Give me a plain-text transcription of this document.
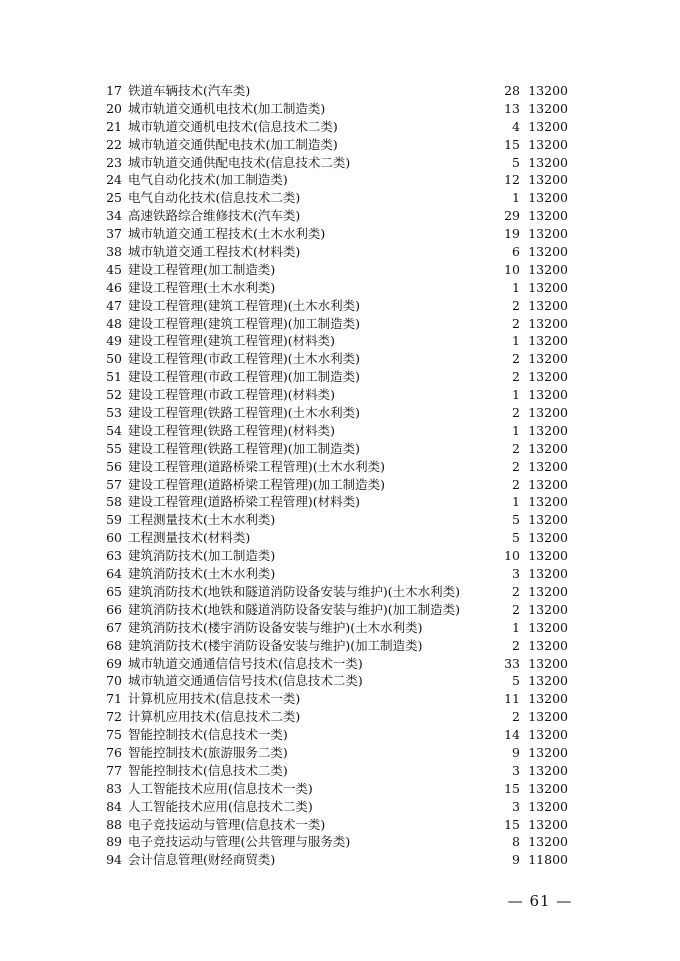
17 铁道车辆技术(汽车类)	28 13200
20 城市轨道交通机电技术(加工制造类)	13 13200
21 城市轨道交通机电技术(信息技术二类)	4 13200
22 城市轨道交通供配电技术(加工制造类)	15 13200
23 城市轨道交通供配电技术(信息技术二类)	5 13200
24 电气自动化技术(加工制造类)	12 13200
25 电气自动化技术(信息技术二类)	1 13200
34 高速铁路综合维修技术(汽车类)	29 13200
37 城市轨道交通工程技术(土木水利类)	19 13200
38 城市轨道交通工程技术(材料类)	6 13200
45 建设工程管理(加工制造类)	10 13200
46 建设工程管理(土木水利类)	1 13200
47 建设工程管理(建筑工程管理)(土木水利类)	2 13200
48 建设工程管理(建筑工程管理)(加工制造类)	2 13200
49 建设工程管理(建筑工程管理)(材料类)	1 13200
50 建设工程管理(市政工程管理)(土木水利类)	2 13200
51 建设工程管理(市政工程管理)(加工制造类)	2 13200
52 建设工程管理(市政工程管理)(材料类)	1 13200
53 建设工程管理(铁路工程管理)(土木水利类)	2 13200
54 建设工程管理(铁路工程管理)(材料类)	1 13200
55 建设工程管理(铁路工程管理)(加工制造类)	2 13200
56 建设工程管理(道路桥梁工程管理)(土木水利类)	2 13200
57 建设工程管理(道路桥梁工程管理)(加工制造类)	2 13200
58 建设工程管理(道路桥梁工程管理)(材料类)	1 13200
59 工程测量技术(土木水利类)	5 13200
60 工程测量技术(材料类)	5 13200
63 建筑消防技术(加工制造类)	10 13200
64 建筑消防技术(土木水利类)	3 13200
65 建筑消防技术(地铁和隧道消防设备安装与维护)(土木水利类)	2 13200
66 建筑消防技术(地铁和隧道消防设备安装与维护)(加工制造类)	2 13200
67 建筑消防技术(楼宇消防设备安装与维护)(土木水利类)	1 13200
68 建筑消防技术(楼宇消防设备安装与维护)(加工制造类)	2 13200
69 城市轨道交通通信信号技术(信息技术一类)	33 13200
70 城市轨道交通通信信号技术(信息技术二类)	5 13200
71 计算机应用技术(信息技术一类)	11 13200
72 计算机应用技术(信息技术二类)	2 13200
75 智能控制技术(信息技术一类)	14 13200
76 智能控制技术(旅游服务二类)	9 13200
77 智能控制技术(信息技术二类)	3 13200
83 人工智能技术应用(信息技术一类)	15 13200
84 人工智能技术应用(信息技术二类)	3 13200
88 电子竞技运动与管理(信息技术一类)	15 13200
89 电子竞技运动与管理(公共管理与服务类)	8 13200
94 会计信息管理(财经商贸类)	9 11800
— 61 —
